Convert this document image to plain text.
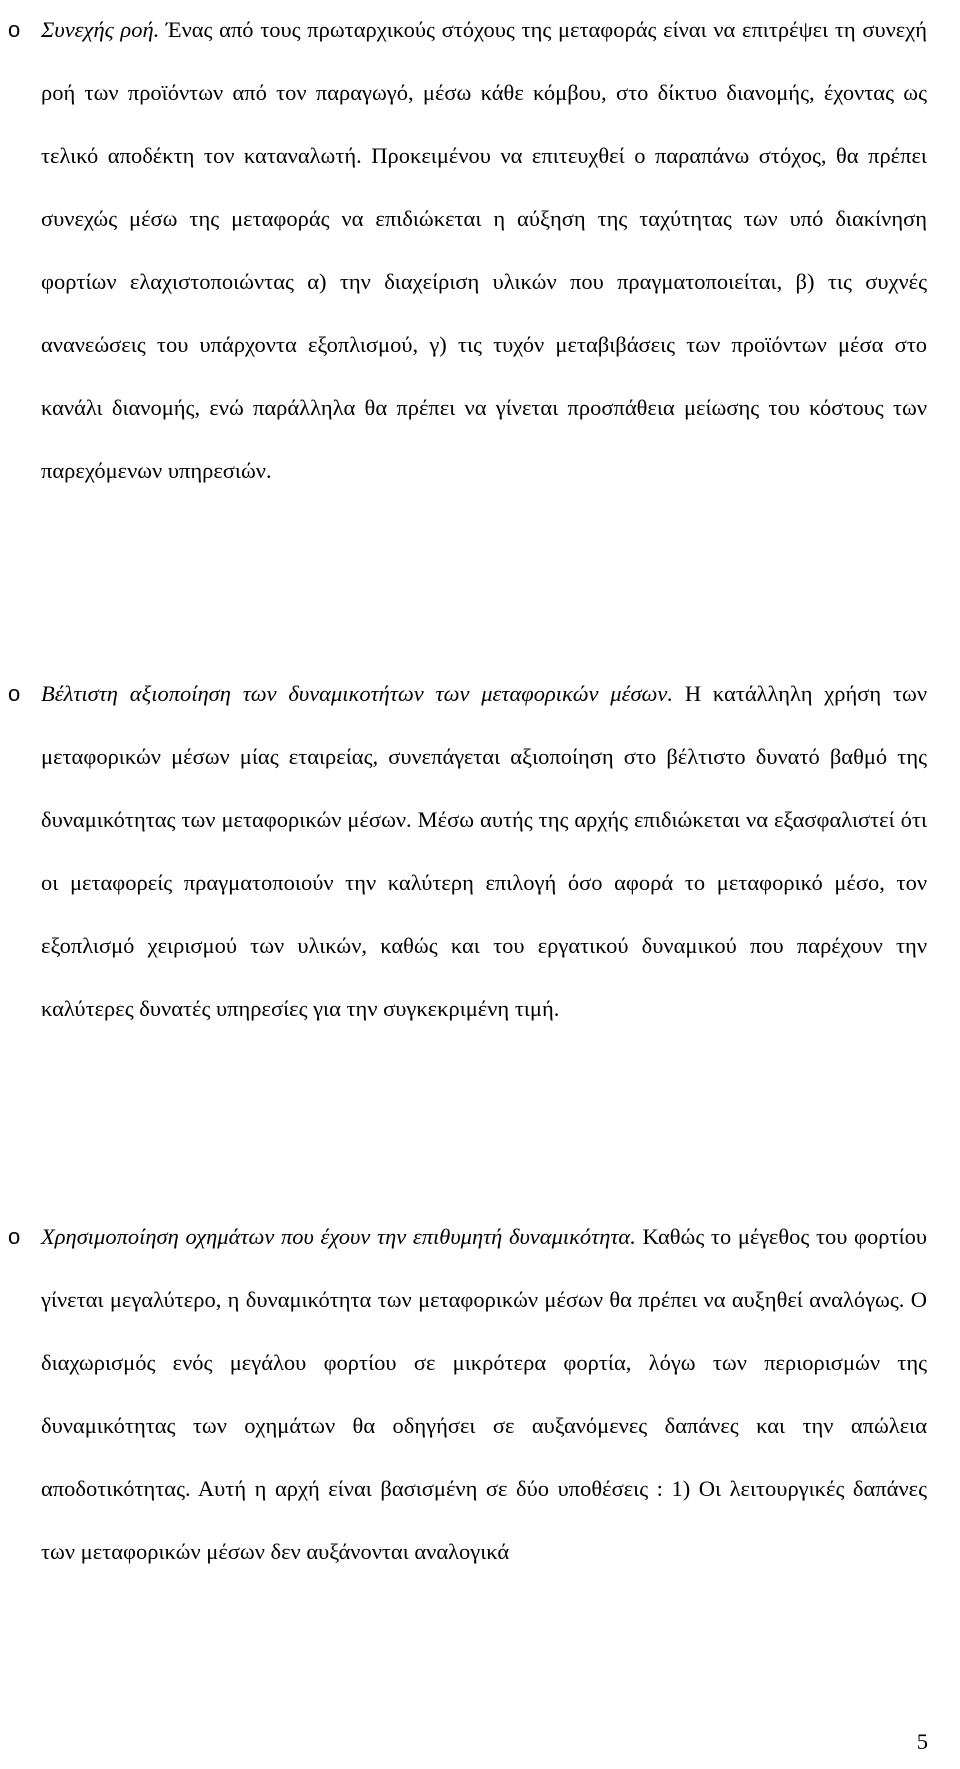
o Συνεχής ροή. Ένας από τους πρωταρχικούς στόχους της μεταφοράς είναι να επιτρέψει τη συνεχή ροή των προϊόντων από τον παραγωγό, μέσω κάθε κόμβου, στο δίκτυο διανομής, έχοντας ως τελικό αποδέκτη τον καταναλωτή. Προκειμένου να επιτευχθεί ο παραπάνω στόχος, θα πρέπει συνεχώς μέσω της μεταφοράς να επιδιώκεται η αύξηση της ταχύτητας των υπό διακίνηση φορτίων ελαχιστοποιώντας α) την διαχείριση υλικών που πραγματοποιείται, β) τις συχνές ανανεώσεις του υπάρχοντα εξοπλισμού, γ) τις τυχόν μεταβιβάσεις των προϊόντων μέσα στο κανάλι διανομής, ενώ παράλληλα θα πρέπει να γίνεται προσπάθεια μείωσης του κόστους των παρεχόμενων υπηρεσιών.
o Βέλτιστη αξιοποίηση των δυναμικοτήτων των μεταφορικών μέσων. Η κατάλληλη χρήση των μεταφορικών μέσων μίας εταιρείας, συνεπάγεται αξιοποίηση στο βέλτιστο δυνατό βαθμό της δυναμικότητας των μεταφορικών μέσων. Μέσω αυτής της αρχής επιδιώκεται να εξασφαλιστεί ότι οι μεταφορείς πραγματοποιούν την καλύτερη επιλογή όσο αφορά το μεταφορικό μέσο, τον εξοπλισμό χειρισμού των υλικών, καθώς και του εργατικού δυναμικού που παρέχουν την καλύτερες δυνατές υπηρεσίες για την συγκεκριμένη τιμή.
o Χρησιμοποίηση οχημάτων που έχουν την επιθυμητή δυναμικότητα. Καθώς το μέγεθος του φορτίου γίνεται μεγαλύτερο, η δυναμικότητα των μεταφορικών μέσων θα πρέπει να αυξηθεί αναλόγως. Ο διαχωρισμός ενός μεγάλου φορτίου σε μικρότερα φορτία, λόγω των περιορισμών της δυναμικότητας των οχημάτων θα οδηγήσει σε αυξανόμενες δαπάνες και την απώλεια αποδοτικότητας. Αυτή η αρχή είναι βασισμένη σε δύο υποθέσεις : 1) Οι λειτουργικές δαπάνες των μεταφορικών μέσων δεν αυξάνονται αναλογικά
5
